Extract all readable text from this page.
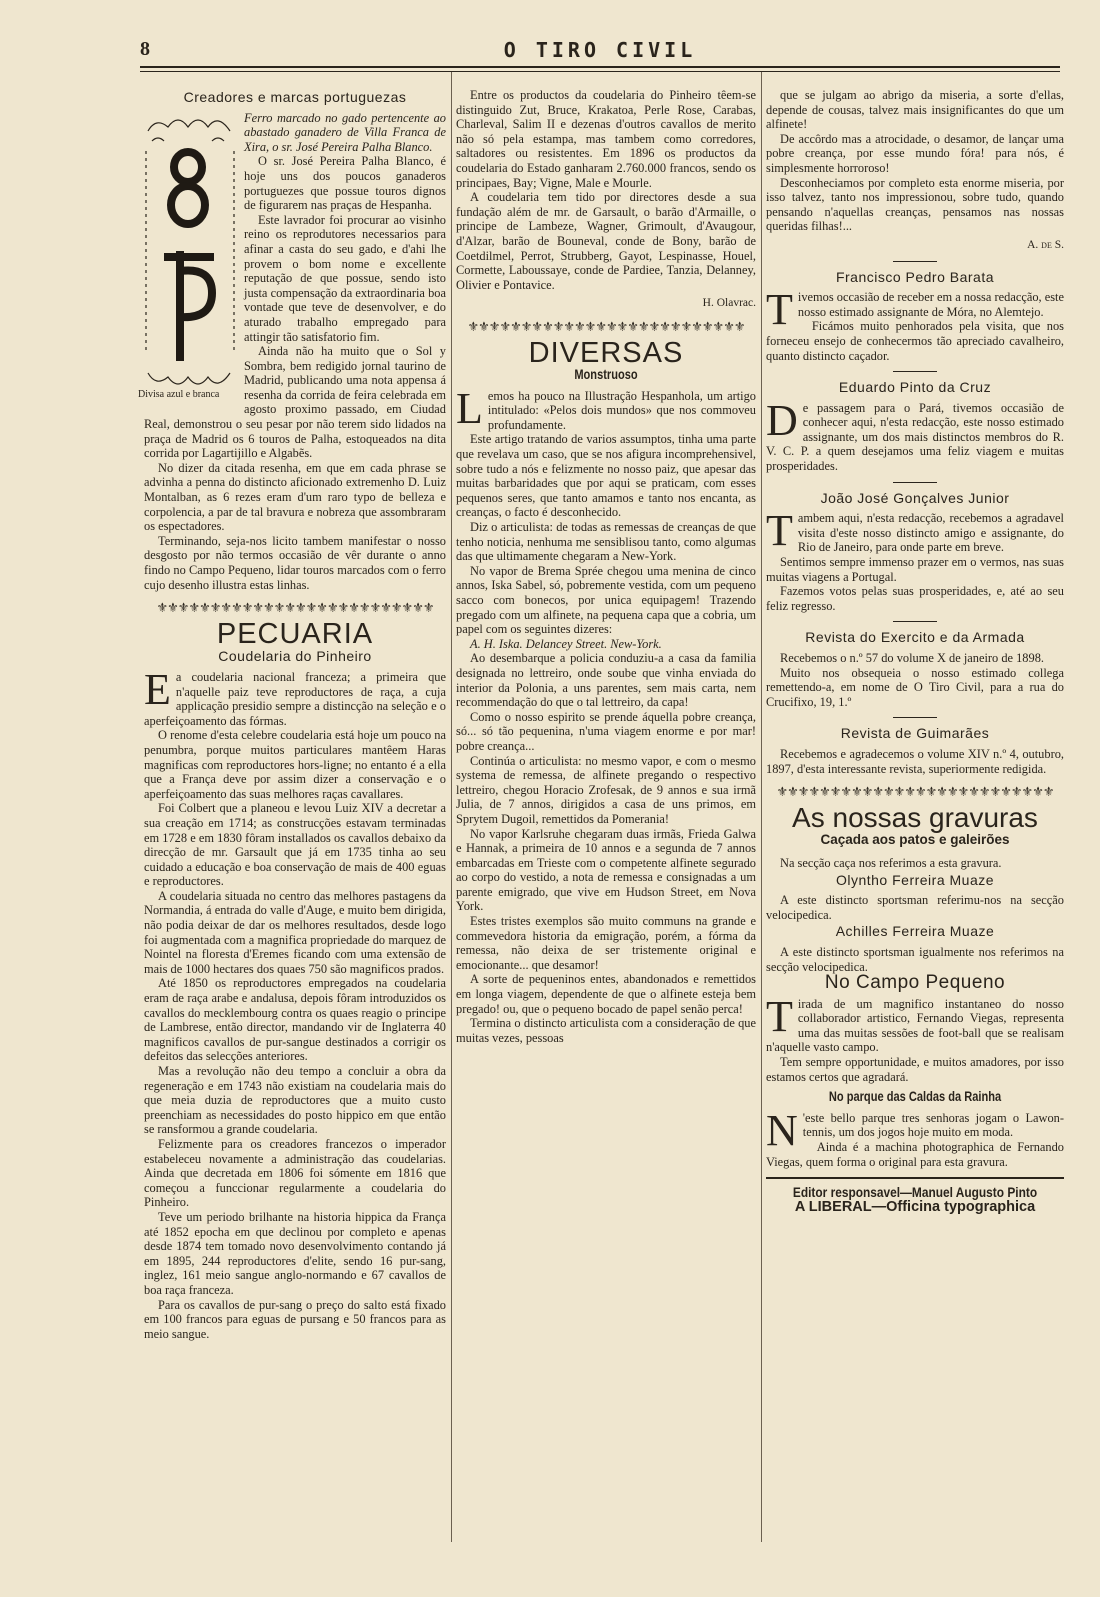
8	O TIRO CIVIL
Creadores e marcas portuguezas
Divisa azul e branca

Ferro marcado no gado pertencente ao abastado ganadero de Villa Franca de Xira, o sr. José Pereira Palha Blanco.

O sr. José Pereira Palha Blanco, é hoje uns dos poucos ganaderos portuguezes que possue touros dignos de figurarem nas praças de Hespanha.

Este lavrador foi procurar ao visinho reino os reprodutores necessarios para afinar a casta do seu gado, e d'ahi lhe provem o bom nome e excellente reputação de que possue, sendo isto justa compensação da extraordinaria boa vontade que teve de desenvolver, e do aturado trabalho empregado para attingir tão satisfatorio fim.

Ainda não ha muito que o Sol y Sombra, bem redigido jornal taurino de Madrid, publicando uma nota appensa á resenha da corrida de feira celebrada em agosto proximo passado, em Ciudad Real, demonstrou o seu pesar por não terem sido lidados na praça de Madrid os 6 touros de Palha, estoqueados na dita corrida por Lagartijillo e Algabẽs.

No dizer da citada resenha, em que em cada phrase se advinha a penna do distincto aficionado extremenho D. Luiz Montalban, as 6 rezes eram d'um raro typo de belleza e corpolencia, a par de tal bravura e nobreza que assombraram os espectadores.

Terminando, seja-nos licito tambem manifestar o nosso desgosto por não termos occasião de vêr durante o anno findo no Campo Pequeno, lidar touros marcados com o ferro cujo desenho illustra estas linhas.

⚜⚜⚜⚜⚜⚜⚜⚜⚜⚜⚜⚜⚜⚜⚜⚜⚜⚜⚜⚜⚜⚜⚜⚜⚜⚜
PECUARIA
Coudelaria do Pinheiro

Ea coudelaria nacional franceza; a primeira que n'aquelle paiz teve reproductores de raça, a cuja applicação presidio sempre a distincção na seleção e o aperfeiçoamento das fórmas.

O renome d'esta celebre coudelaria está hoje um pouco na penumbra, porque muitos particulares mantêem Haras magnificas com reproductores hors-ligne; no entanto é a ella que a França deve por assim dizer a conservação e o aperfeiçoamento das suas melhores raças cavallares.

Foi Colbert que a planeou e levou Luiz XIV a decretar a sua creação em 1714; as construcções estavam terminadas em 1728 e em 1830 fôram installados os cavallos debaixo da direcção de mr. Garsault que já em 1735 tinha ao seu cuidado a educação e boa conservação de mais de 400 eguas e reproductores.

A coudelaria situada no centro das melhores pastagens da Normandia, á entrada do valle d'Auge, e muito bem dirigida, não podia deixar de dar os melhores resultados, desde logo foi augmentada com a magnifica propriedade do marquez de Nointel na floresta d'Eremes ficando com uma extensão de mais de 1000 hectares dos quaes 750 são magnificos prados.

Até 1850 os reproductores empregados na coudelaria eram de raça arabe e andalusa, depois fôram introduzidos os cavallos do mecklembourg contra os quaes reagio o principe de Lambrese, então director, mandando vir de Inglaterra 40 magnificos cavallos de pur-sangue destinados a corrigir os defeitos das selecções anteriores.

Mas a revolução não deu tempo a concluir a obra da regeneração e em 1743 não existiam na coudelaria mais do que meia duzia de reproductores que a muito custo preenchiam as necessidades do posto hippico em que então se ransformou a grande coudelaria.

Felizmente para os creadores francezos o imperador estabeleceu novamente a administração das coudelarias. Ainda que decretada em 1806 foi sómente em 1816 que começou a funccionar regularmente a coudelaria do Pinheiro.

Teve um periodo brilhante na historia hippica da França até 1852 epocha em que declinou por completo e apenas desde 1874 tem tomado novo desenvolvimento contando já em 1895, 244 reproductores d'elite, sendo 16 pur-sang, inglez, 161 meio sangue anglo-normando e 67 cavallos de boa raça franceza.

Para os cavallos de pur-sang o preço do salto está fixado em 100 francos para eguas de pursang e 50 francos para as meio sangue.

Entre os productos da coudelaria do Pinheiro têem-se distinguido Zut, Bruce, Krakatoa, Perle Rose, Carabas, Charleval, Salim II e dezenas d'outros cavallos de merito não só pela estampa, mas tambem como corredores, saltadores ou resistentes. Em 1896 os productos da coudelaria do Estado ganharam 2.760.000 francos, sendo os principaes, Bay; Vigne, Male e Mourle.

A coudelaria tem tido por directores desde a sua fundação além de mr. de Garsault, o barão d'Armaille, o principe de Lambeze, Wagner, Grimoult, d'Avaugour, d'Alzar, barão de Bouneval, conde de Bony, barão de Coetdilmel, Perrot, Strubberg, Gayot, Lespinasse, Houel, Cormette, Laboussaye, conde de Pardiee, Tanzia, Delanney, Olivier e Pontavice.

H. Olavrac.
⚜⚜⚜⚜⚜⚜⚜⚜⚜⚜⚜⚜⚜⚜⚜⚜⚜⚜⚜⚜⚜⚜⚜⚜⚜⚜
DIVERSAS
Monstruoso

Lemos ha pouco na Illustração Hespanhola, um artigo intitulado: «Pelos dois mundos» que nos commoveu profundamente.

Este artigo tratando de varios assumptos, tinha uma parte que revelava um caso, que se nos afigura incomprehensivel, sobre tudo a nós e felizmente no nosso paiz, que apesar das muitas barbaridades que por aqui se praticam, com esses pequenos seres, que tanto amamos e tanto nos encanta, as creanças, o facto é desconhecido.

Diz o articulista: de todas as remessas de creanças de que tenho noticia, nenhuma me sensiblisou tanto, como algumas das que ultimamente chegaram a New-York.

No vapor de Brema Sprée chegou uma menina de cinco annos, Iska Sabel, só, pobremente vestida, com um pequeno sacco com bonecos, por unica equipagem! Trazendo pregado com um alfinete, na pequena capa que a cobria, um papel com os seguintes dizeres:

A. H. Iska. Delancey Street. New-York.

Ao desembarque a policia conduziu-a a casa da familia designada no lettreiro, onde soube que vinha enviada do interior da Polonia, a uns parentes, sem mais carta, nem recommendação do que o tal lettreiro, da capa!

Como o nosso espirito se prende áquella pobre creança, só... só tão pequenina, n'uma viagem enorme e por mar! pobre creança...

Continúa o articulista: no mesmo vapor, e com o mesmo systema de remessa, de alfinete pregando o respectivo lettreiro, chegou Horacio Zrofesak, de 9 annos e sua irmã Julia, de 7 annos, dirigidos a casa de uns primos, em Sprytem Dugoil, remettidos da Pomerania!

No vapor Karlsruhe chegaram duas irmãs, Frieda Galwa e Hannak, a primeira de 10 annos e a segunda de 7 annos embarcadas em Trieste com o competente alfinete segurado ao corpo do vestido, a nota de remessa e consignadas a um parente emigrado, que vive em Hudson Street, em Nova York.

Estes tristes exemplos são muito communs na grande e commevedora historia da emigração, porém, a fórma da remessa, não deixa de ser tristemente original e emocionante... que desamor!

A sorte de pequeninos entes, abandonados e remettidos em longa viagem, dependente de que o alfinete esteja bem pregado! ou, que o pequeno bocado de papel senão perca!

Termina o distincto articulista com a consideração de que muitas vezes, pessoas

que se julgam ao abrigo da miseria, a sorte d'ellas, depende de cousas, talvez mais insignificantes do que um alfinete!

De accôrdo mas a atrocidade, o desamor, de lançar uma pobre creança, por esse mundo fóra! para nós, é simplesmente horroroso!

Desconheciamos por completo esta enorme miseria, por isso talvez, tanto nos impressionou, sobre tudo, quando pensando n'aquellas creanças, pensamos nas nossas queridas filhas!...

A. de S.
Francisco Pedro Barata

Tivemos occasião de receber em a nossa redacção, este nosso estimado assignante de Móra, no Alemtejo.

Ficámos muito penhorados pela visita, que nos forneceu ensejo de conhecermos tão apreciado cavalheiro, quanto distincto caçador.

Eduardo Pinto da Cruz

De passagem para o Pará, tivemos occasião de conhecer aqui, n'esta redacção, este nosso estimado assignante, um dos mais distinctos membros do R. V. C. P. a quem desejamos uma feliz viagem e muitas prosperidades.

João José Gonçalves Junior

Tambem aqui, n'esta redacção, recebemos a agradavel visita d'este nosso distincto amigo e assignante, do Rio de Janeiro, para onde parte em breve.

Sentimos sempre immenso prazer em o vermos, nas suas muitas viagens a Portugal.

Fazemos votos pelas suas prosperidades, e, até ao seu feliz regresso.

Revista do Exercito e da Armada

Recebemos o n.º 57 do volume X de janeiro de 1898.

Muito nos obsequeia o nosso estimado collega remettendo-a, em nome de O Tiro Civil, para a rua do Crucifixo, 19, 1.º

Revista de Guimarães

Recebemos e agradecemos o volume XIV n.º 4, outubro, 1897, d'esta interessante revista, superiormente redigida.

⚜⚜⚜⚜⚜⚜⚜⚜⚜⚜⚜⚜⚜⚜⚜⚜⚜⚜⚜⚜⚜⚜⚜⚜⚜⚜
As nossas gravuras
Caçada aos patos e galeirões

Na secção caça nos referimos a esta gravura.

Olyntho Ferreira Muaze

A este distincto sportsman referimu-nos na secção velocipedica.

Achilles Ferreira Muaze

A este distincto sportsman igualmente nos referimos na secção velocipedica.

No Campo Pequeno

Tirada de um magnifico instantaneo do nosso collaborador artistico, Fernando Viegas, representa uma das muitas sessões de foot-ball que se realisam n'aquelle vasto campo.

Tem sempre opportunidade, e muitos amadores, por isso estamos certos que agradará.

No parque das Caldas da Rainha

N 'este bello parque tres senhoras jogam o Lawon-tennis, um dos jogos hoje muito em moda.

Ainda é a machina photographica de Fernando Viegas, quem forma o original para esta gravura.

Editor responsavel—Manuel Augusto Pinto
A LIBERAL—Officina typographica
